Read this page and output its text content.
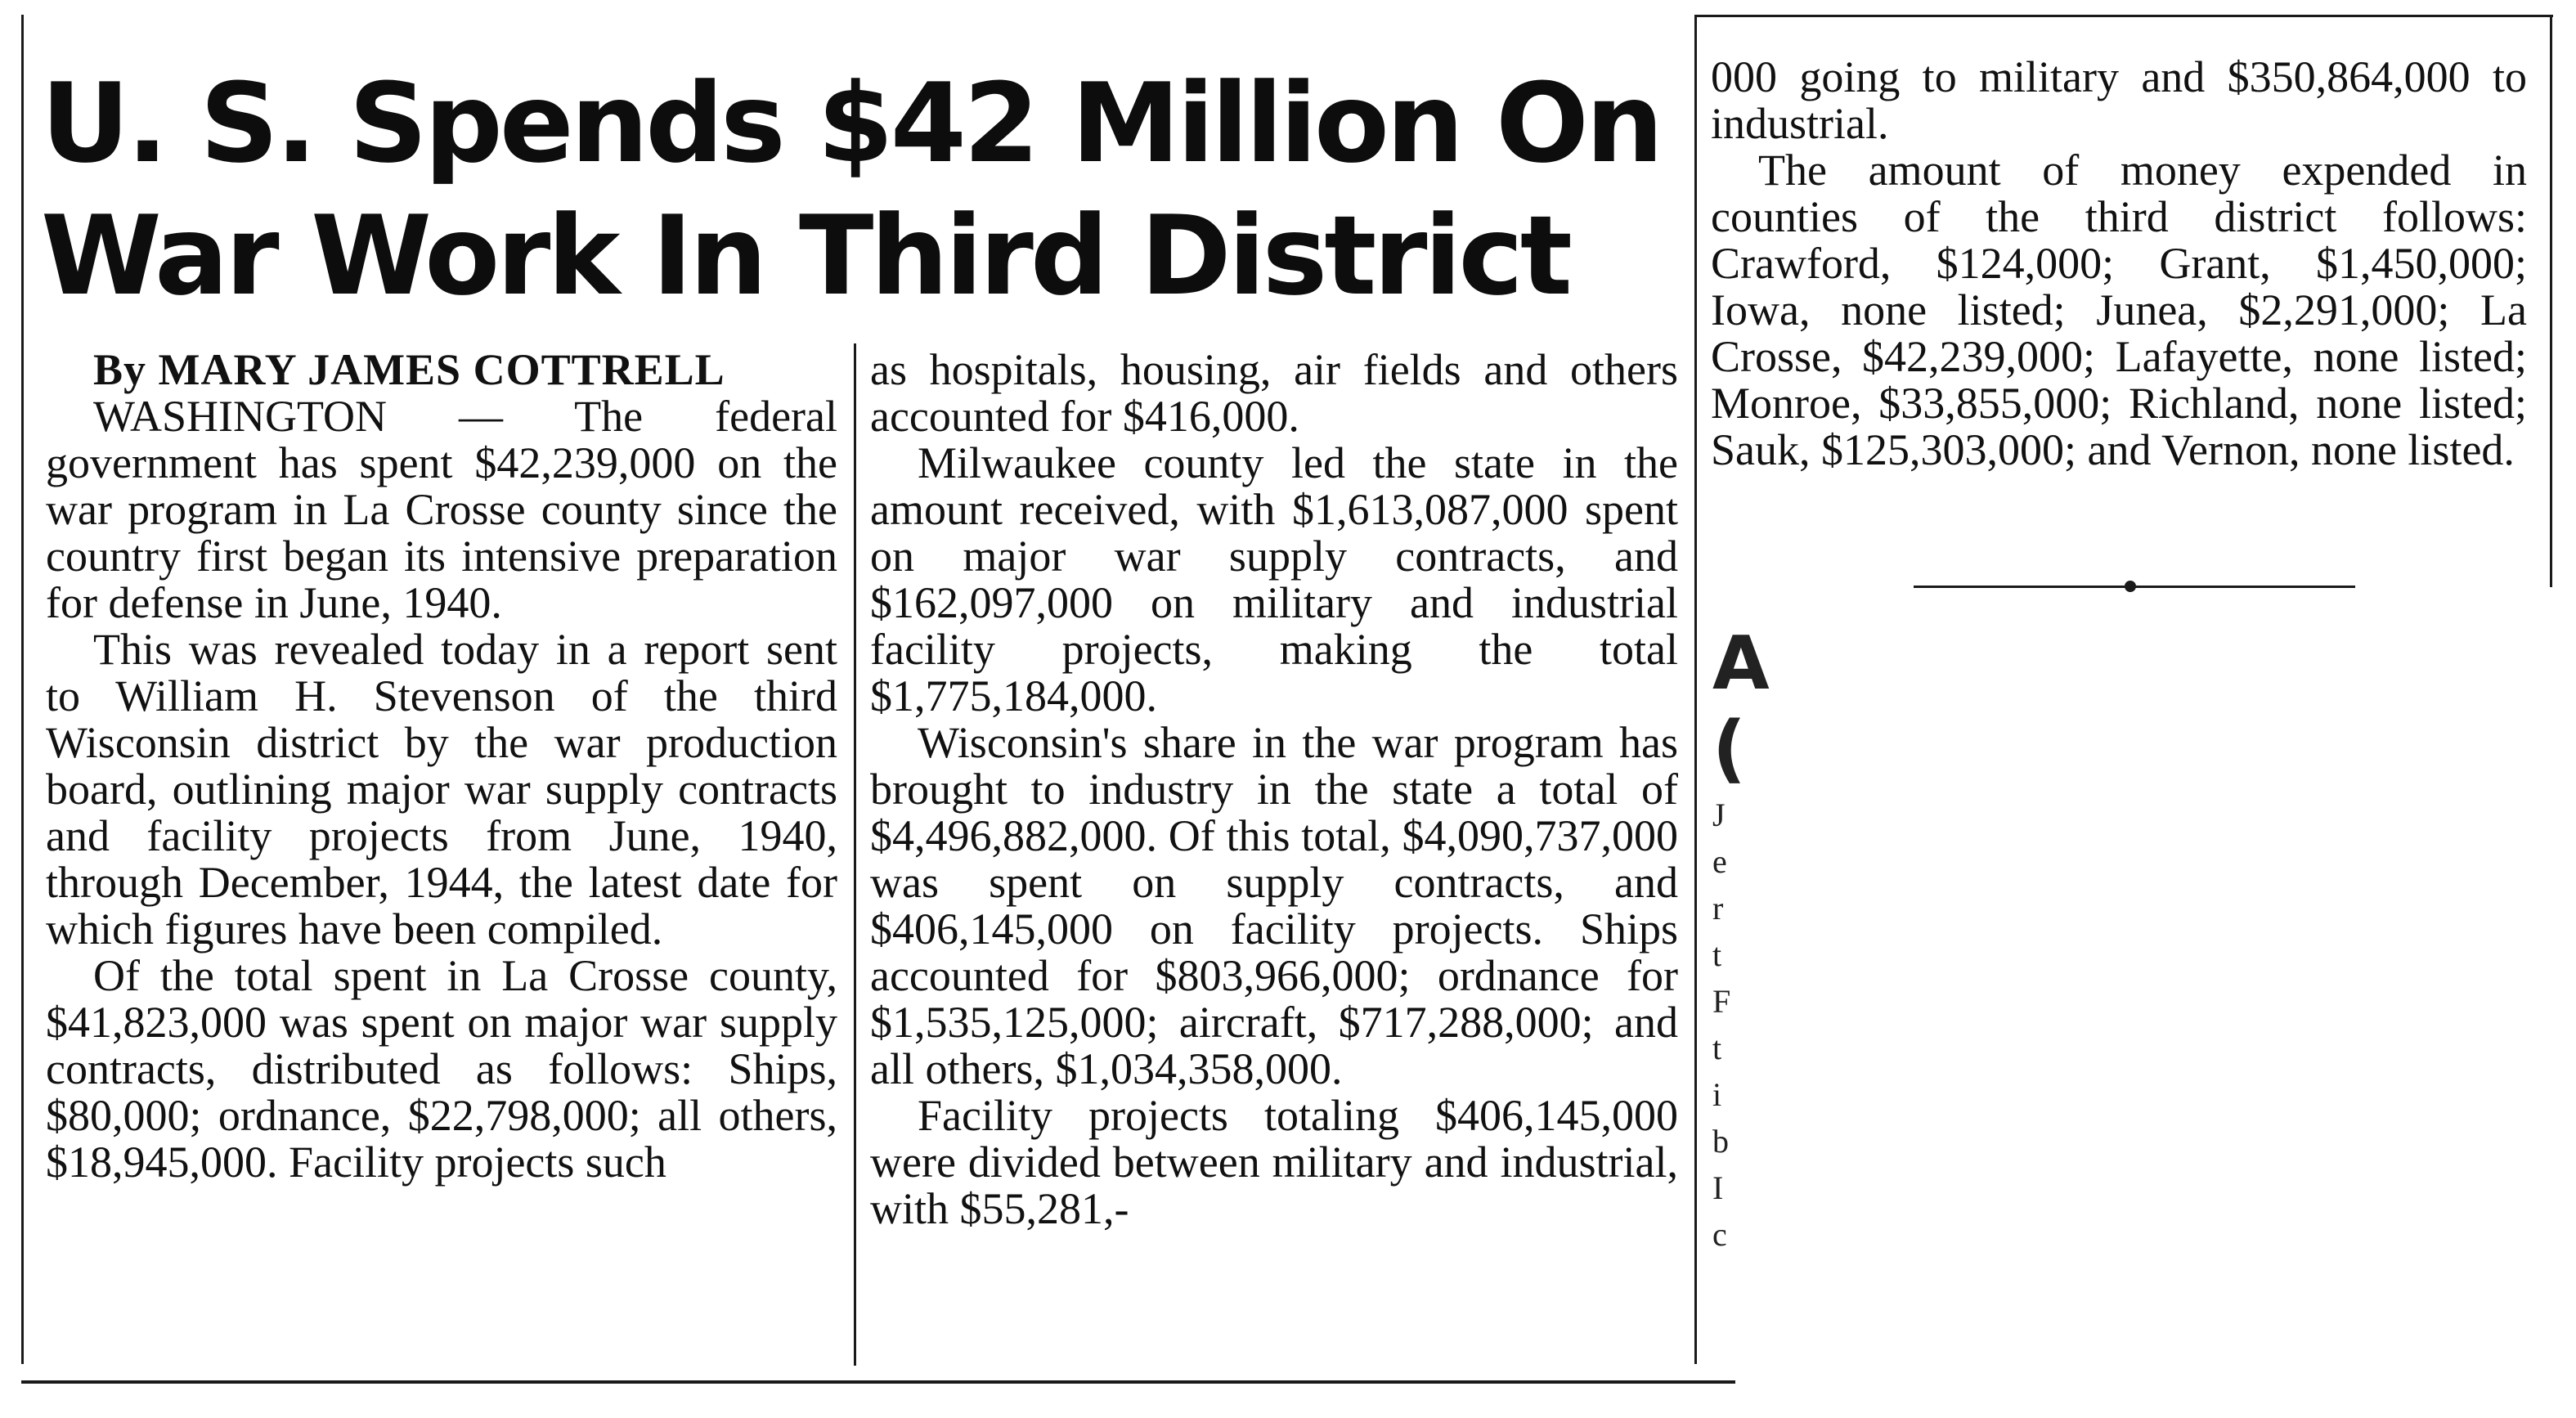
U. S. Spends $42 Million On
War Work In Third District
By MARY JAMES COTTRELL

WASHINGTON — The federal government has spent $42,239,000 on the war program in La Crosse county since the country first began its intensive preparation for defense in June, 1940.

This was revealed today in a report sent to William H. Stevenson of the third Wisconsin district by the war production board, outlining major war supply contracts and facility projects from June, 1940, through December, 1944, the latest date for which figures have been compiled.

Of the total spent in La Crosse county, $41,823,000 was spent on major war supply contracts, distributed as follows: Ships, $80,000; ordnance, $22,798,000; all others, $18,945,000. Facility projects such

as hospitals, housing, air fields and others accounted for $416,000.

Milwaukee county led the state in the amount received, with $1,613,087,000 spent on major war supply contracts, and $162,097,000 on military and industrial facility projects, making the total $1,775,184,000.

Wisconsin's share in the war program has brought to industry in the state a total of $4,496,882,000. Of this total, $4,090,737,000 was spent on supply contracts, and $406,145,000 on facility projects. Ships accounted for $803,966,000; ordnance for $1,535,125,000; aircraft, $717,288,000; and all others, $1,034,358,000.

Facility projects totaling $406,145,000 were divided between military and industrial, with $55,281,-

000 going to military and $350,864,000 to industrial.

The amount of money expended in counties of the third district follows: Crawford, $124,000; Grant, $1,450,000; Iowa, none listed; Junea, $2,291,000; La Crosse, $42,239,000; Lafayette, none listed; Monroe, $33,855,000; Richland, none listed; Sauk, $125,303,000; and Vernon, none listed.

A
(
J
e
r
t
F
t
i
b
I
c
